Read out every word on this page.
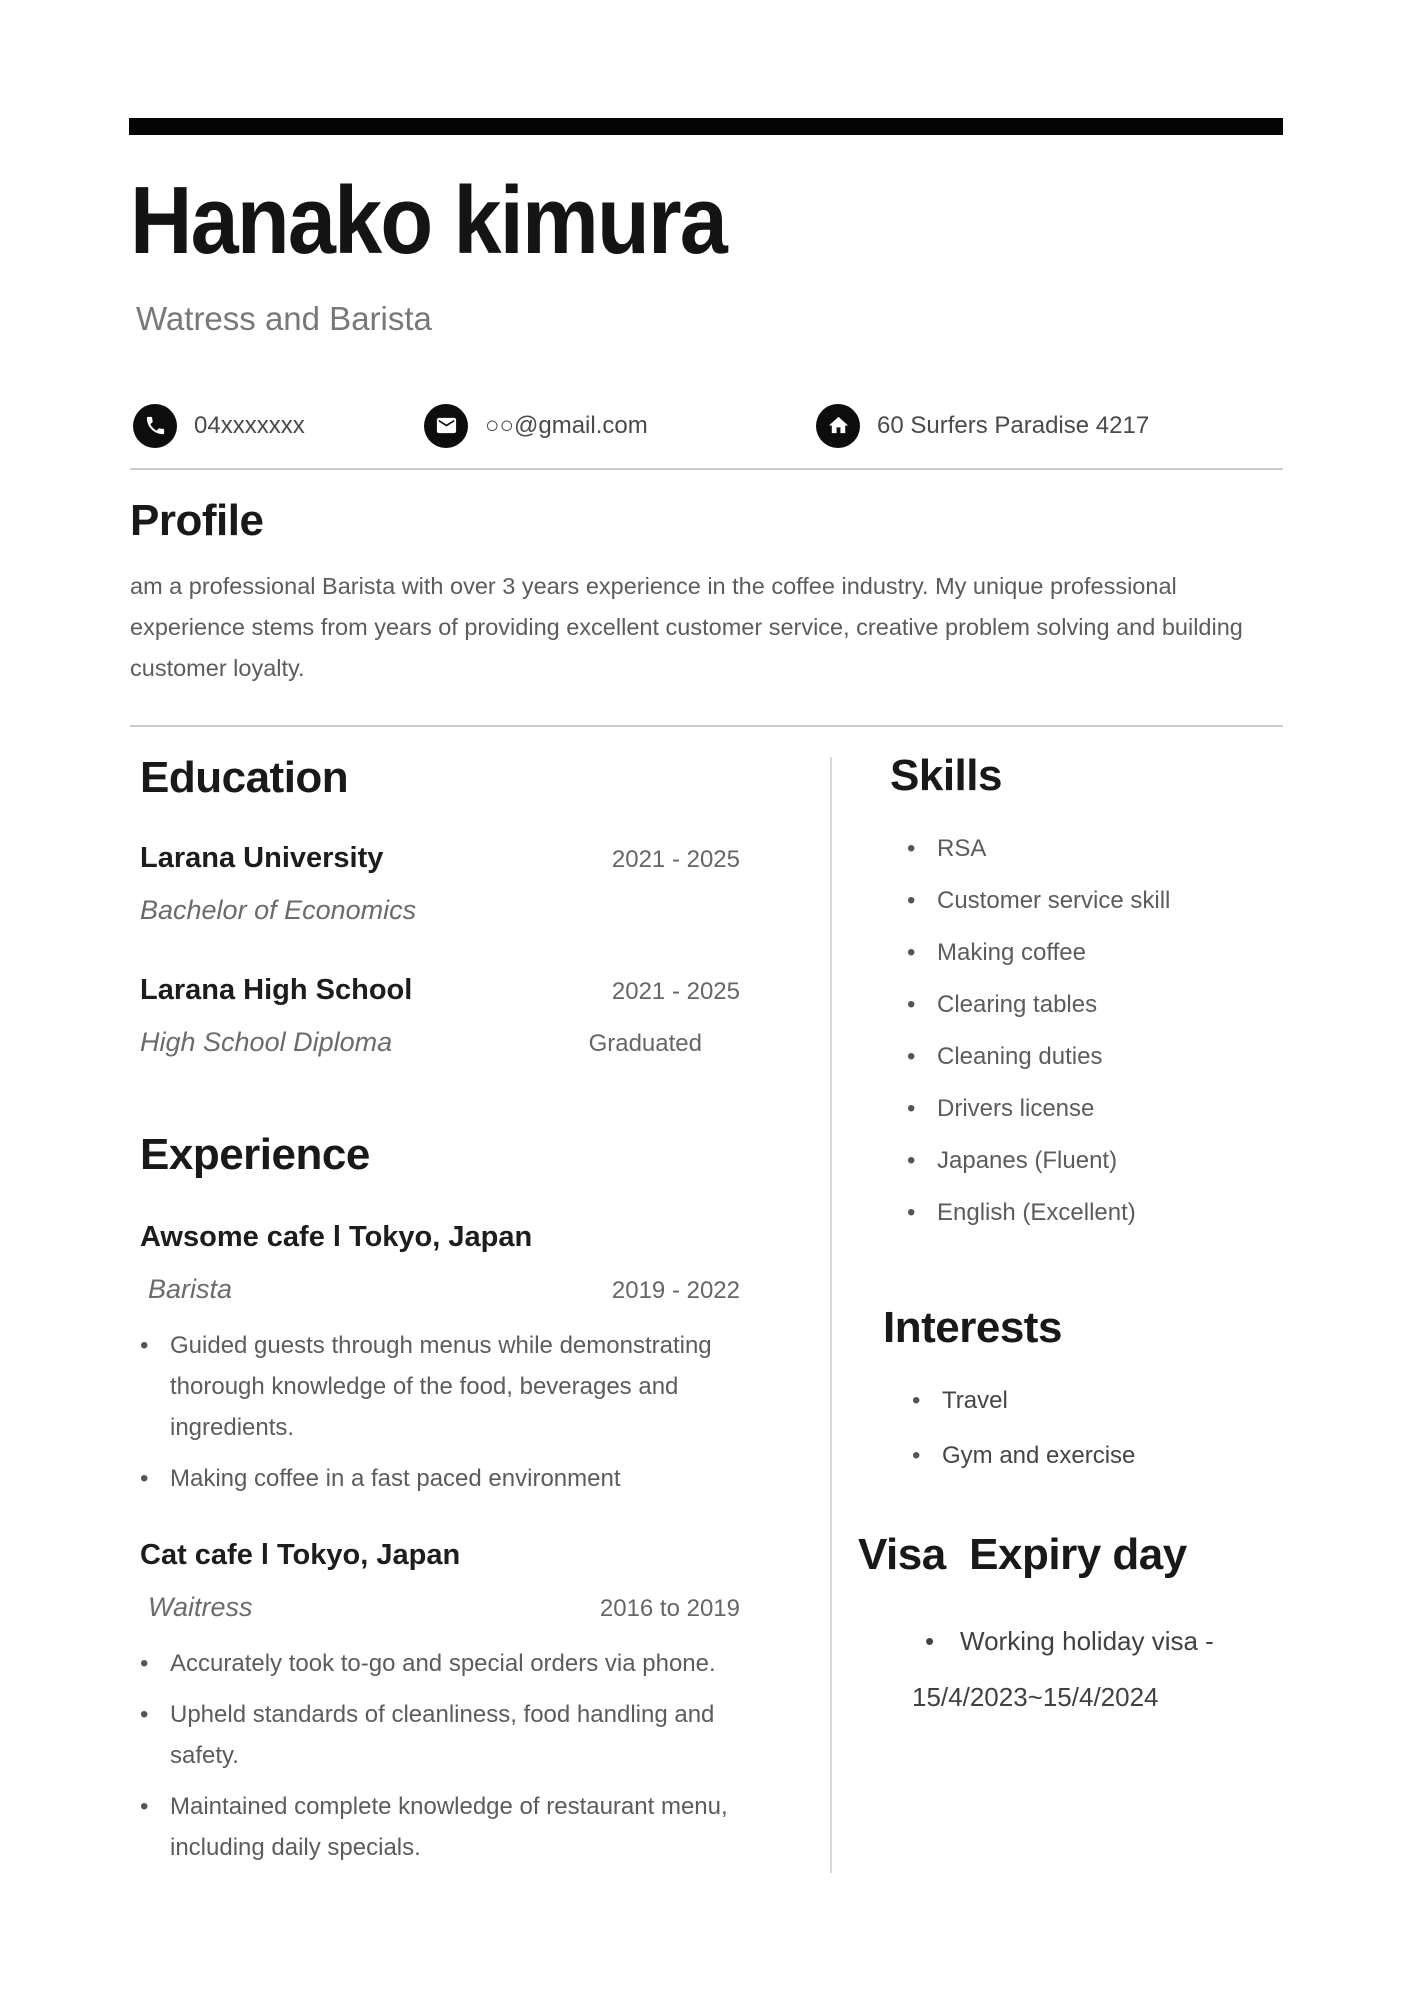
Hanako kimura
Watress and Barista
04xxxxxxx	○○@gmail.com	60 Surfers Paradise 4217
Profile

am a professional Barista with over 3 years experience in the coffee industry. My unique professional experience stems from years of providing excellent customer service, creative problem solving and building customer loyalty.

Education
Larana University	2021 - 2025
Bachelor of Economics
Larana High School	2021 - 2025
High School Diploma	Graduated
Experience
Awsome cafe l Tokyo, Japan
Barista	2019 - 2022
• Guided guests through menus while demonstrating thorough knowledge of the food, beverages and ingredients.
• Making coffee in a fast paced environment
Cat cafe l Tokyo, Japan
Waitress	2016 to 2019
• Accurately took to-go and special orders via phone.
• Upheld standards of cleanliness, food handling and safety.
• Maintained complete knowledge of restaurant menu, including daily specials.
Skills
• RSA
• Customer service skill
• Making coffee
• Clearing tables
• Cleaning duties
• Drivers license
• Japanes (Fluent)
• English (Excellent)
Interests
• Travel
• Gym and exercise
Visa  Expiry day
• Working holiday visa -
15/4/2023~15/4/2024
